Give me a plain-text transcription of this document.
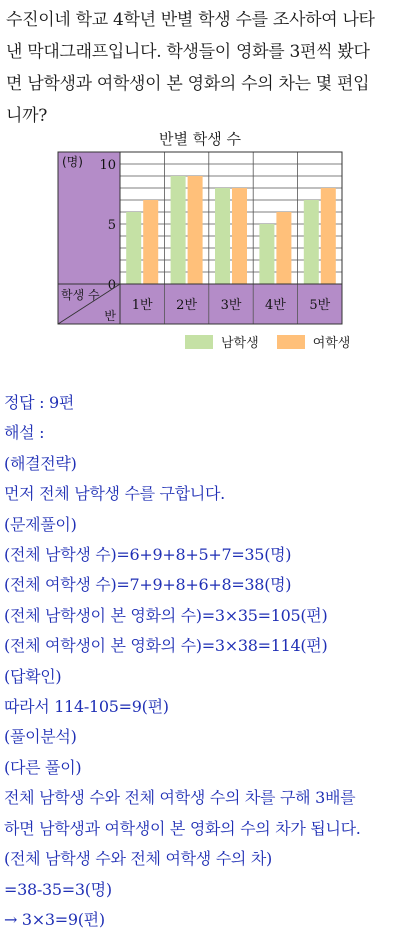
수진이네 학교 4학년 반별 학생 수를 조사하여 나타
낸 막대그래프입니다. 학생들이 영화를 3편씩 봤다
면 남학생과 여학생이 본 영화의 수의 차는 몇 편입
니까?
반별 학생 수
1반 2반 3반 4반 5반
0
5
10
(명)
학생 수
반
남학생	여학생
정답 : 9편
해설 :
(해결전략)
먼저 전체 남학생 수를 구합니다.
(문제풀이)
(전체 남학생 수)=6+9+8+5+7=35(명)
(전체 여학생 수)=7+9+8+6+8=38(명)
(전체 남학생이 본 영화의 수)=3×35=105(편)
(전체 여학생이 본 영화의 수)=3×38=114(편)
(답확인)
따라서 114-105=9(편)
(풀이분석)
(다른 풀이)
전체 남학생 수와 전체 여학생 수의 차를 구해 3배를
하면 남학생과 여학생이 본 영화의 수의 차가 됩니다.
(전체 남학생 수와 전체 여학생 수의 차)
=38-35=3(명)
→ 3×3=9(편)
